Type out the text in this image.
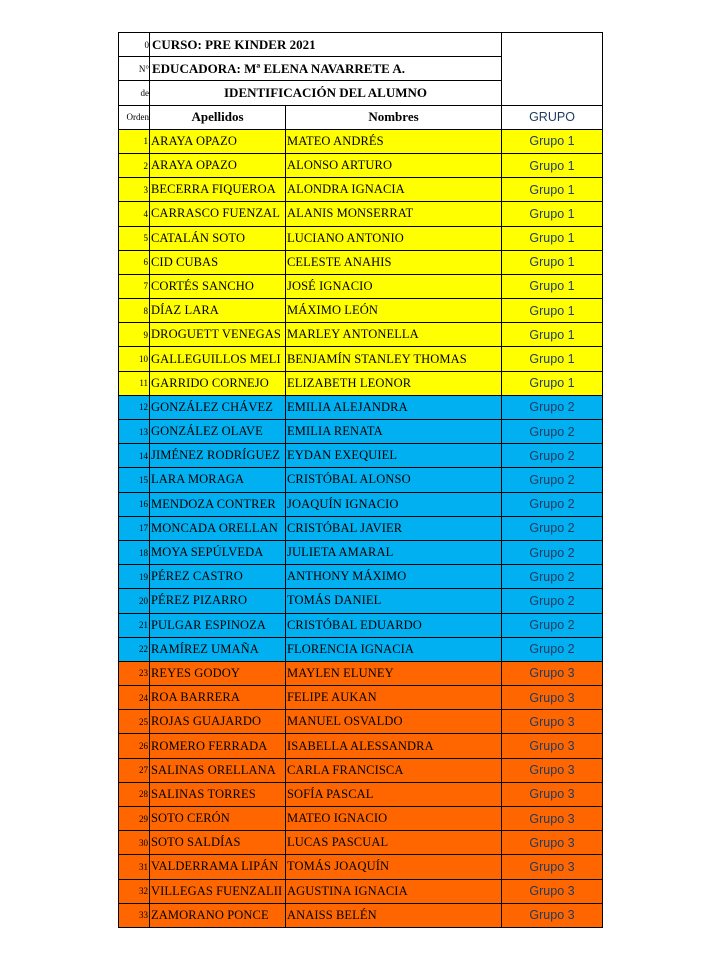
0	CURSO: PRE KINDER 2021		
N°	EDUCADORA: Mª ELENA NAVARRETE A.		
de	IDENTIFICACIÓN DEL ALUMNO		
Orden	Apellidos	Nombres	GRUPO
1	ARAYA OPAZO	MATEO ANDRÉS	Grupo 1
2	ARAYA OPAZO	ALONSO ARTURO	Grupo 1
3	BECERRA FIQUEROA	ALONDRA IGNACIA	Grupo 1
4	CARRASCO FUENZAL	ALANIS MONSERRAT	Grupo 1
5	CATALÁN SOTO	LUCIANO ANTONIO	Grupo 1
6	CID CUBAS	CELESTE ANAHIS	Grupo 1
7	CORTÉS SANCHO	JOSÉ IGNACIO	Grupo 1
8	DÍAZ LARA	MÁXIMO LEÓN	Grupo 1
9	DROGUETT VENEGAS	MARLEY ANTONELLA	Grupo 1
10	GALLEGUILLOS MELI	BENJAMÍN STANLEY THOMAS	Grupo 1
11	GARRIDO CORNEJO	ELIZABETH LEONOR	Grupo 1
12	GONZÁLEZ CHÁVEZ	EMILIA ALEJANDRA	Grupo 2
13	GONZÁLEZ OLAVE	EMILIA RENATA	Grupo 2
14	JIMÉNEZ RODRÍGUEZ	EYDAN EXEQUIEL	Grupo 2
15	LARA MORAGA	CRISTÓBAL ALONSO	Grupo 2
16	MENDOZA CONTRER	JOAQUÍN IGNACIO	Grupo 2
17	MONCADA ORELLAN	CRISTÓBAL JAVIER	Grupo 2
18	MOYA SEPÚLVEDA	JULIETA AMARAL	Grupo 2
19	PÉREZ CASTRO	ANTHONY MÁXIMO	Grupo 2
20	PÉREZ PIZARRO	TOMÁS DANIEL	Grupo 2
21	PULGAR ESPINOZA	CRISTÓBAL EDUARDO	Grupo 2
22	RAMÍREZ UMAÑA	FLORENCIA IGNACIA	Grupo 2
23	REYES GODOY	MAYLEN ELUNEY	Grupo 3
24	ROA BARRERA	FELIPE AUKAN	Grupo 3
25	ROJAS GUAJARDO	MANUEL OSVALDO	Grupo 3
26	ROMERO FERRADA	ISABELLA ALESSANDRA	Grupo 3
27	SALINAS ORELLANA	CARLA FRANCISCA	Grupo 3
28	SALINAS TORRES	SOFÍA PASCAL	Grupo 3
29	SOTO CERÓN	MATEO IGNACIO	Grupo 3
30	SOTO SALDÍAS	LUCAS PASCUAL	Grupo 3
31	VALDERRAMA LIPÁN	TOMÁS JOAQUÍN	Grupo 3
32	VILLEGAS FUENZALII	AGUSTINA IGNACIA	Grupo 3
33	ZAMORANO PONCE	ANAISS BELÉN	Grupo 3
